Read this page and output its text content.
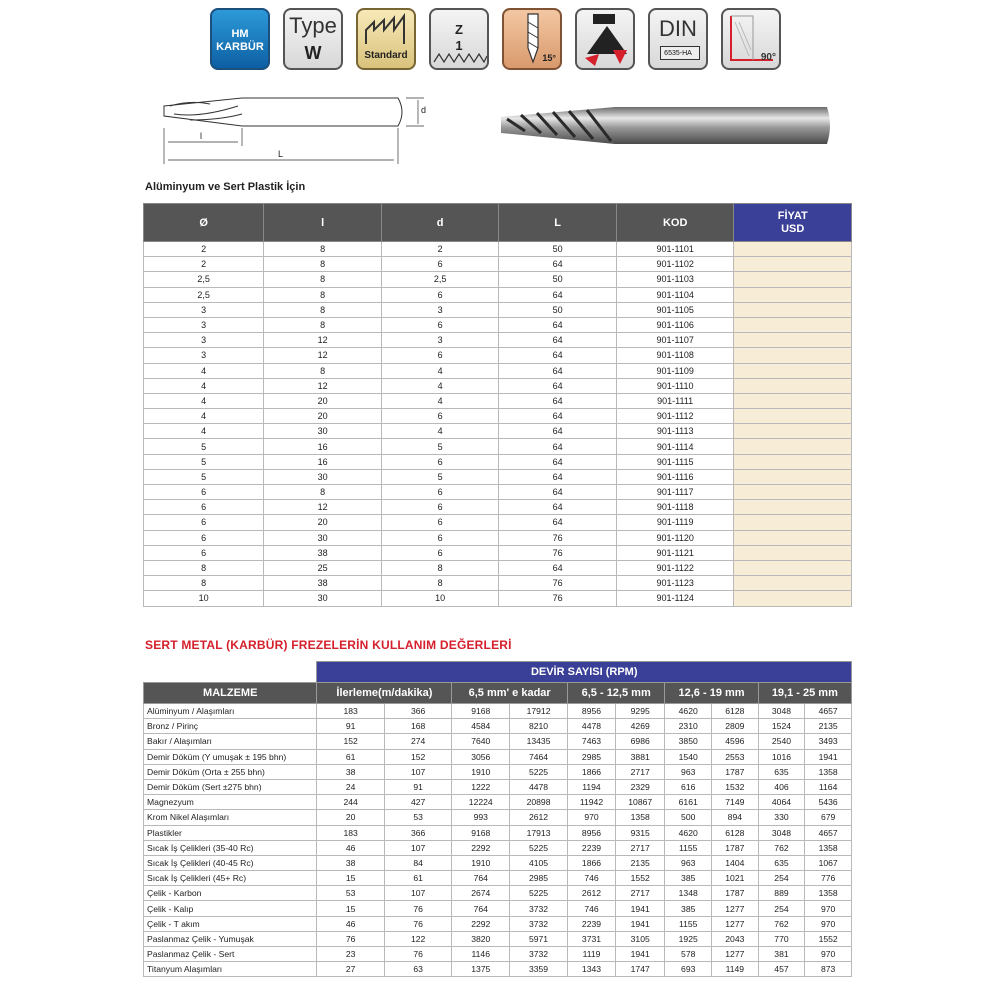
HM
KARBÜR
Type
W	Standard
Z
1
15°
DIN
6535-HA	90°
l
L
d
Alüminyum ve Sert Plastik İçin
Ø	l	d	L	KOD	FİYAT
USD
2	8	2	50	901-1101	
2	8	6	64	901-1102	
2,5	8	2,5	50	901-1103	
2,5	8	6	64	901-1104	
3	8	3	50	901-1105	
3	8	6	64	901-1106	
3	12	3	64	901-1107	
3	12	6	64	901-1108	
4	8	4	64	901-1109	
4	12	4	64	901-1110	
4	20	4	64	901-1111	
4	20	6	64	901-1112	
4	30	4	64	901-1113	
5	16	5	64	901-1114	
5	16	6	64	901-1115	
5	30	5	64	901-1116	
6	8	6	64	901-1117	
6	12	6	64	901-1118	
6	20	6	64	901-1119	
6	30	6	76	901-1120	
6	38	6	76	901-1121	
8	25	8	64	901-1122	
8	38	8	76	901-1123	
10	30	10	76	901-1124	
SERT METAL (KARBÜR) FREZELERİN KULLANIM DEĞERLERİ
	DEVİR SAYISI (RPM)									
MALZEME	İlerleme(m/dakika)		6,5 mm' e kadar		6,5 - 12,5 mm		12,6 - 19 mm		19,1 - 25 mm	
Alüminyum / Alaşımları	183	366	9168	17912	8956	9295	4620	6128	3048	4657
Bronz / Pirinç	91	168	4584	8210	4478	4269	2310	2809	1524	2135
Bakır / Alaşımları	152	274	7640	13435	7463	6986	3850	4596	2540	3493
Demir Döküm (Y umuşak ± 195 bhn)	61	152	3056	7464	2985	3881	1540	2553	1016	1941
Demir Döküm (Orta ± 255 bhn)	38	107	1910	5225	1866	2717	963	1787	635	1358
Demir Döküm (Sert ±275 bhn)	24	91	1222	4478	1194	2329	616	1532	406	1164
Magnezyum	244	427	12224	20898	11942	10867	6161	7149	4064	5436
Krom Nikel Alaşımları	20	53	993	2612	970	1358	500	894	330	679
Plastikler	183	366	9168	17913	8956	9315	4620	6128	3048	4657
Sıcak İş Çelikleri (35-40 Rc)	46	107	2292	5225	2239	2717	1155	1787	762	1358
Sıcak İş Çelikleri (40-45 Rc)	38	84	1910	4105	1866	2135	963	1404	635	1067
Sıcak İş Çelikleri (45+ Rc)	15	61	764	2985	746	1552	385	1021	254	776
Çelik - Karbon	53	107	2674	5225	2612	2717	1348	1787	889	1358
Çelik - Kalıp	15	76	764	3732	746	1941	385	1277	254	970
Çelik - T akım	46	76	2292	3732	2239	1941	1155	1277	762	970
Paslanmaz Çelik - Yumuşak	76	122	3820	5971	3731	3105	1925	2043	770	1552
Paslanmaz Çelik - Sert	23	76	1146	3732	1119	1941	578	1277	381	970
Titanyum Alaşımları	27	63	1375	3359	1343	1747	693	1149	457	873
